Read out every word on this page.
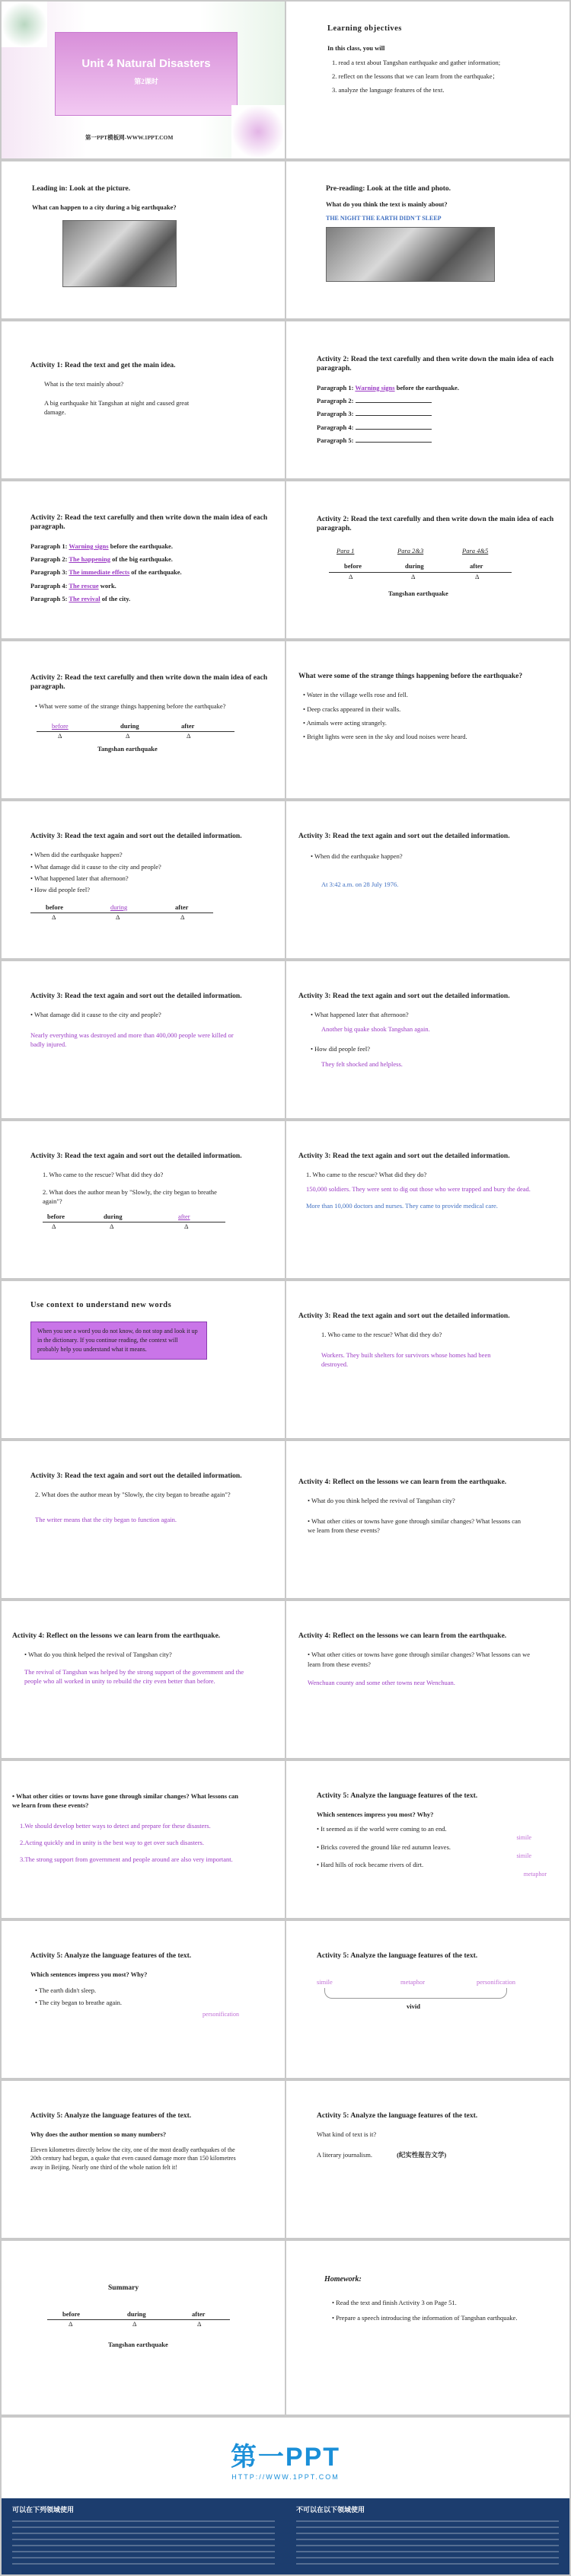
Unit 4 Natural Disasters
第2课时
第一PPT模板网-WWW.1PPT.COM
Learning objectives
In this class, you will
1. read a text about Tangshan earthquake and gather information;
2. reflect on the lessons that we can learn from the earthquake；
3. analyze the language features of the text.
Leading in: Look at the picture.
What can happen to a city during a big earthquake?
Pre-reading: Look at the title and photo.
What do you think the text is mainly about?
THE NIGHT THE EARTH DIDN'T SLEEP
Activity 1: Read the text and get the main idea.
What is the text mainly about?
A big earthquake hit Tangshan at night and caused great damage.
Activity 2: Read the text carefully and then write down the main idea of each paragraph.
Paragraph 1: Warning signs before the earthquake.
Paragraph 2:
Paragraph 3:
Paragraph 4:
Paragraph 5:
Activity 2: Read the text carefully and then write down the main idea of each paragraph.
Paragraph 1: Warning signs before the earthquake.
Paragraph 2: The happening of the big earthquake.
Paragraph 3: The immediate effects of the earthquake.
Paragraph 4: The rescue work.
Paragraph 5: The revival of the city.
Activity 2: Read the text carefully and then write down the main idea of each paragraph.
Para 1	Para 2&3	Para 4&5
before	during	after
Δ	Δ	Δ
Tangshan earthquake
Activity 2: Read the text carefully and then write down the main idea of each paragraph.
• What were some of the strange things happening before the earthquake?
before	during	after
Δ	Δ	Δ
Tangshan earthquake
What were some of the strange things happening before the earthquake?
• Water in the village wells rose and fell.
• Deep cracks appeared in their walls.
• Animals were acting strangely.
• Bright lights were seen in the sky and loud noises were heard.
Activity 3: Read the text again and sort out the detailed information.
• When did the earthquake happen?
• What damage did it cause to the city and people?
• What happened later that afternoon?
• How did people feel?
before	during	after
Δ	Δ	Δ
Activity 3: Read the text again and sort out the detailed information.
• When did the earthquake happen?
At 3:42 a.m. on 28 July 1976.
Activity 3: Read the text again and sort out the detailed information.
• What damage did it cause to the city and people?
Nearly everything was destroyed and more than 400,000 people were killed or badly injured.
Activity 3: Read the text again and sort out the detailed information.
• What happened later that afternoon?
Another big quake shook Tangshan again.
• How did people feel?
They felt shocked and helpless.
Activity 3: Read the text again and sort out the detailed information.
1. Who came to the rescue? What did they do?
2. What does the author mean by "Slowly, the city began to breathe again"?
before	during	after
Δ	Δ	Δ
Activity 3: Read the text again and sort out the detailed information.
1. Who came to the rescue? What did they do?
150,000 soldiers. They were sent to dig out those who were trapped and bury the dead.
More than 10,000 doctors and nurses. They came to provide medical care.
Use context to understand new words
When you see a word you do not know, do not stop and look it up in the dictionary. If you continue reading, the context will probably help you understand what it means.
Activity 3: Read the text again and sort out the detailed information.
1. Who came to the rescue? What did they do?
Workers. They built shelters for survivors whose homes had been destroyed.
Activity 3: Read the text again and sort out the detailed information.
2. What does the author mean by "Slowly, the city began to breathe again"?
The writer means that the city began to function again.
Activity 4: Reflect on the lessons we can learn from the earthquake.
• What do you think helped the revival of Tangshan city?
• What other cities or towns have gone through similar changes? What lessons can we learn from these events?
Activity 4: Reflect on the lessons we can learn from the earthquake.
• What do you think helped the revival of Tangshan city?
The revival of Tangshan was helped by the strong support of the government and the people who all worked in unity to rebuild the city even better than before.
Activity 4: Reflect on the lessons we can learn from the earthquake.
• What other cities or towns have gone through similar changes? What lessons can we learn from these events?
Wenchuan county and some other towns near Wenchuan.
• What other cities or towns have gone through similar changes? What lessons can we learn from these events?
1.We should develop better ways to detect and prepare for these disasters.
2.Acting quickly and in unity is the best way to get over such disasters.
3.The strong support from government and people around are also very important.
Activity 5: Analyze the language features of the text.
Which sentences impress you most? Why?
• It seemed as if the world were coming to an end.
simile
• Bricks covered the ground like red autumn leaves.
simile
• Hard hills of rock became rivers of dirt.
metaphor
Activity 5: Analyze the language features of the text.
Which sentences impress you most? Why?
• The earth didn't sleep.
• The city began to breathe again.
personification
Activity 5: Analyze the language features of the text.
simile	metaphor	personification
vivid
Activity 5: Analyze the language features of the text.
Why does the author mention so many numbers?
Eleven kilometres directly below the city, one of the most deadly earthquakes of the 20th century had begun, a quake that even caused damage more than 150 kilometres away in Beijing. Nearly one third of the whole nation felt it!
Activity 5: Analyze the language features of the text.
What kind of text is it?
A literary journalism.	(纪实性报告文学)
Summary
before	during	after
Δ	Δ	Δ
Tangshan earthquake
Homework:
• Read the text and finish Activity 3 on Page 51.
• Prepare a speech introducing the information of Tangshan earthquake.
第一PPT
HTTP://WWW.1PPT.COM
可以在下列领域使用	不可以在以下领域使用
